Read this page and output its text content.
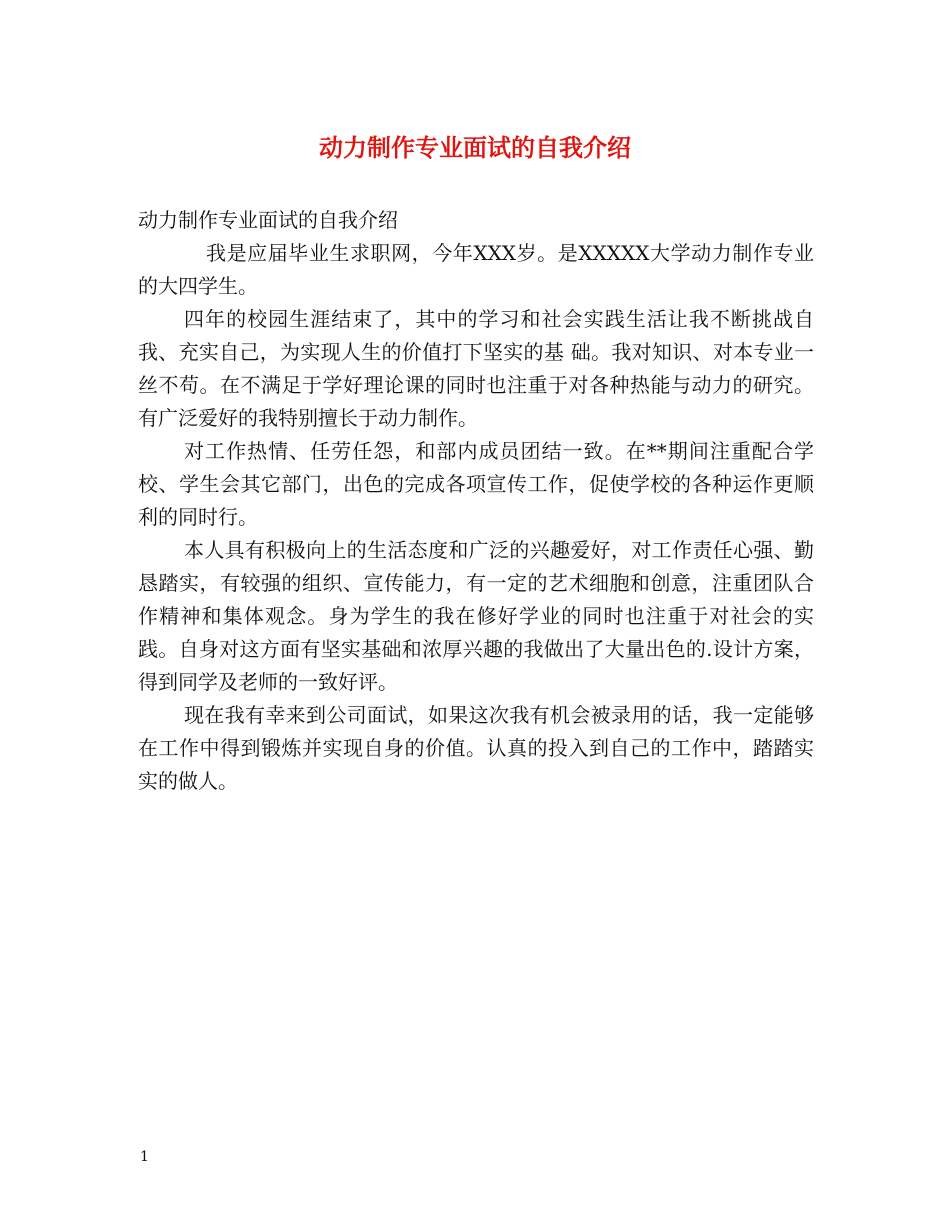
动力制作专业面试的自我介绍

动力制作专业面试的自我介绍

我是应届毕业生求职网，今年XXX岁。是XXXXX大学动力制作专业的大四学生。

四年的校园生涯结束了，其中的学习和社会实践生活让我不断挑战自我、充实自己，为实现人生的价值打下坚实的基 础。我对知识、对本专业一丝不苟。在不满足于学好理论课的同时也注重于对各种热能与动力的研究。有广泛爱好的我特别擅长于动力制作。

对工作热情、任劳任怨，和部内成员团结一致。在**期间注重配合学校、学生会其它部门，出色的完成各项宣传工作，促使学校的各种运作更顺利的同时行。

本人具有积极向上的生活态度和广泛的兴趣爱好，对工作责任心强、勤恳踏实，有较强的组织、宣传能力，有一定的艺术细胞和创意，注重团队合作精神和集体观念。身为学生的我在修好学业的同时也注重于对社会的实践。自身对这方面有坚实基础和浓厚兴趣的我做出了大量出色的.设计方案，得到同学及老师的一致好评。

现在我有幸来到公司面试，如果这次我有机会被录用的话，我一定能够在工作中得到锻炼并实现自身的价值。认真的投入到自己的工作中，踏踏实实的做人。

1
